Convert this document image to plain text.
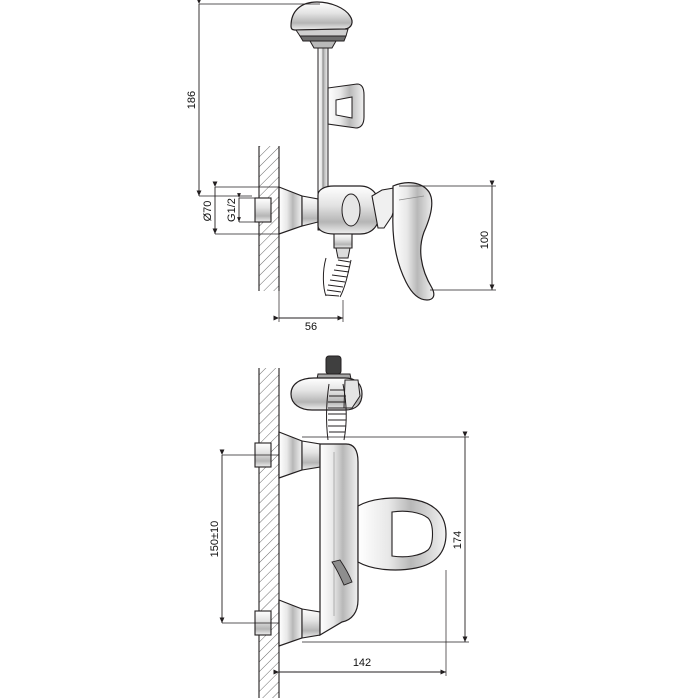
186
Ø70 G1/2
100
56
150±10	174
142
